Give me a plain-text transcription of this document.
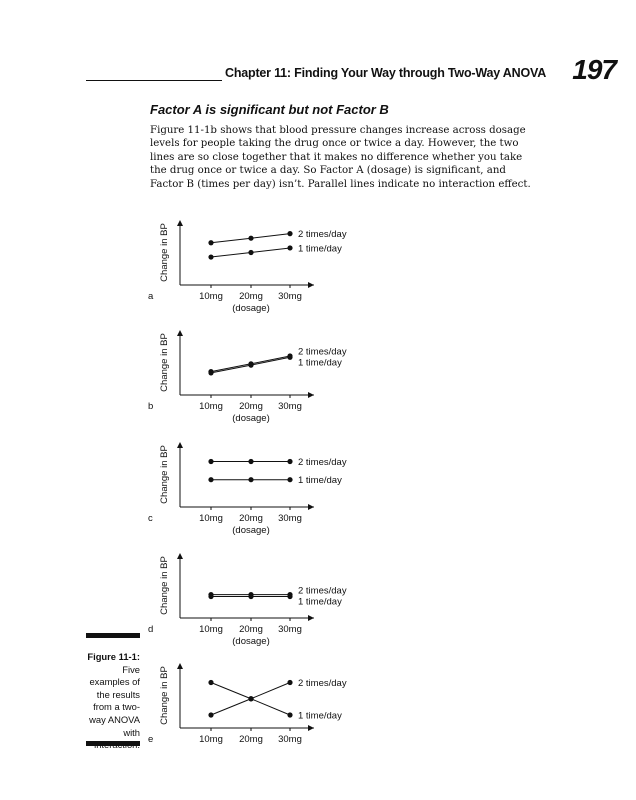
Chapter 11: Finding Your Way through Two-Way ANOVA 197
Factor A is significant but not Factor B
Figure 11-1b shows that blood pressure changes increase across dosage levels for people taking the drug once or twice a day. However, the two lines are so close together that it makes no difference whether you take the drug once or twice a day. So Factor A (dosage) is significant, and Factor B (times per day) isn’t. Parallel lines indicate no interaction effect.
Figure 11-1:
Five examples of the results from a two-way ANOVA with
10mg 20mg 30mg
Change in BP
a
(dosage)
2 times/day
1 time/day
10mg 20mg 30mg
Change in BP
b
(dosage)
2 times/day
1 time/day
10mg 20mg 30mg
Change in BP
c
(dosage)
2 times/day
1 time/day
10mg 20mg 30mg
Change in BP
d
(dosage)
2 times/day
1 time/day
10mg 20mg 30mg
Change in BP
e
2 times/day
1 time/day
